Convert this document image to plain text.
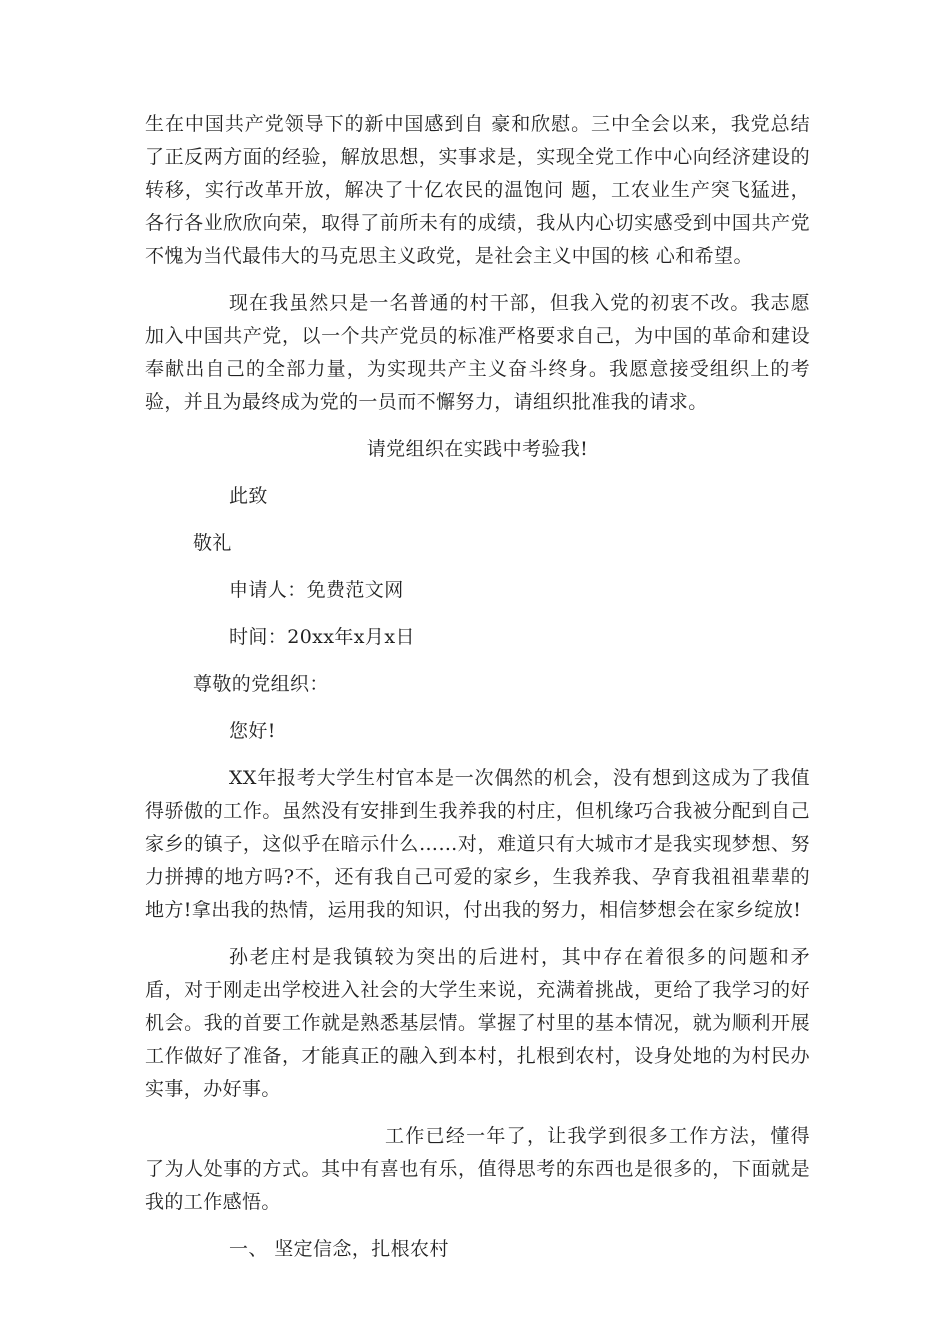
生在中国共产党领导下的新中国感到自 豪和欣慰。三中全会以来，我党总结了正反两方面的经验，解放思想，实事求是，实现全党工作中心向经济建设的转移，实行改革开放，解决了十亿农民的温饱问 题，工农业生产突飞猛进，各行各业欣欣向荣，取得了前所未有的成绩，我从内心切实感受到中国共产党不愧为当代最伟大的马克思主义政党，是社会主义中国的核 心和希望。

现在我虽然只是一名普通的村干部，但我入党的初衷不改。我志愿加入中国共产党，以一个共产党员的标准严格要求自己，为中国的革命和建设奉献出自己的全部力量，为实现共产主义奋斗终身。我愿意接受组织上的考验，并且为最终成为党的一员而不懈努力，请组织批准我的请求。

请党组织在实践中考验我!
此致
敬礼
申请人：免费范文网
时间：20xx年x月x日
尊敬的党组织：
您好!

XX年报考大学生村官本是一次偶然的机会，没有想到这成为了我值得骄傲的工作。虽然没有安排到生我养我的村庄，但机缘巧合我被分配到自己家乡的镇子，这似乎在暗示什么……对，难道只有大城市才是我实现梦想、努力拼搏的地方吗?不，还有我自己可爱的家乡，生我养我、孕育我祖祖辈辈的地方!拿出我的热情，运用我的知识，付出我的努力，相信梦想会在家乡绽放!

孙老庄村是我镇较为突出的后进村，其中存在着很多的问题和矛盾，对于刚走出学校进入社会的大学生来说，充满着挑战，更给了我学习的好机会。我的首要工作就是熟悉基层情。掌握了村里的基本情况，就为顺利开展工作做好了准备，才能真正的融入到本村，扎根到农村，设身处地的为村民办实事，办好事。

工作已经一年了，让我学到很多工作方法，懂得了为人处事的方式。其中有喜也有乐，值得思考的东西也是很多的，下面就是我的工作感悟。

一、 坚定信念，扎根农村
